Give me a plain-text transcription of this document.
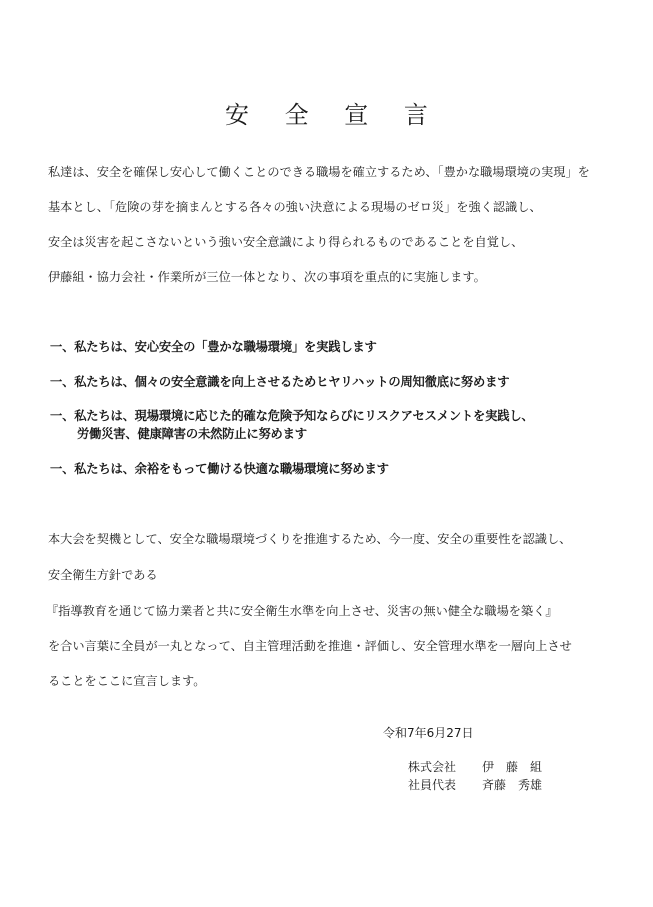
安 全 宣 言
私達は、安全を確保し安心して働くことのできる職場を確立するため、「豊かな職場環境の実現」を
基本とし、「危険の芽を摘まんとする各々の強い決意による現場のゼロ災」を強く認識し、
安全は災害を起こさないという強い安全意識により得られるものであることを自覚し、
伊藤組・協力会社・作業所が三位一体となり、次の事項を重点的に実施します。
一、私たちは、安心安全の「豊かな職場環境」を実践します
一、私たちは、個々の安全意識を向上させるためヒヤリハットの周知徹底に努めます
一、私たちは、現場環境に応じた的確な危険予知ならびにリスクアセスメントを実践し、
労働災害、健康障害の未然防止に努めます
一、私たちは、余裕をもって働ける快適な職場環境に努めます
本大会を契機として、安全な職場環境づくりを推進するため、今一度、安全の重要性を認識し、
安全衛生方針である
『指導教育を通じて協力業者と共に安全衛生水準を向上させ、災害の無い健全な職場を築く』
を合い言葉に全員が一丸となって、自主管理活動を推進・評価し、安全管理水準を一層向上させ
ることをここに宣言します。
令和7年6月27日
株式会社 伊　藤　組
社員代表 斉藤　秀雄
